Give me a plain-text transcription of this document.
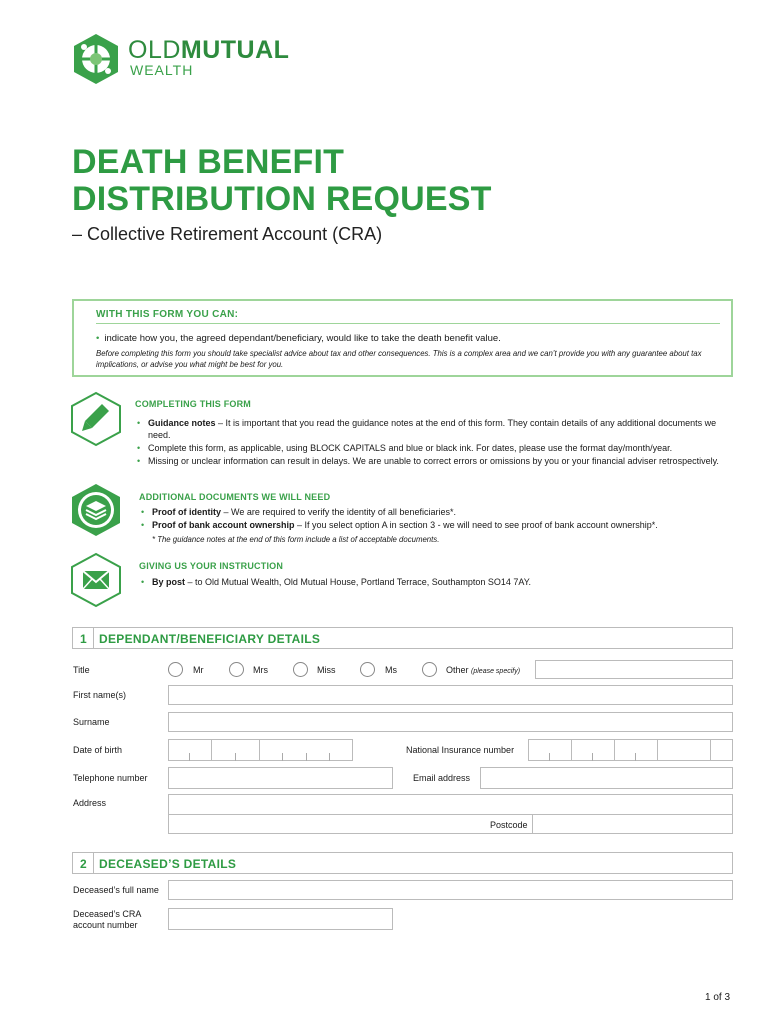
OLDMUTUAL
WEALTH
DEATH BENEFIT
DISTRIBUTION REQUEST
– Collective Retirement Account (CRA)
WITH THIS FORM YOU CAN:
• indicate how you, the agreed dependant/beneficiary, would like to take the death benefit value.
Before completing this form you should take specialist advice about tax and other consequences. This is a complex area and we can’t provide you with any guarantee about tax implications, or advise you what might be best for you.
COMPLETING THIS FORM
• Guidance notes – It is important that you read the guidance notes at the end of this form. They contain details of any additional documents we need.
• Complete this form, as applicable, using BLOCK CAPITALS and blue or black ink. For dates, please use the format day/month/year.
• Missing or unclear information can result in delays. We are unable to correct errors or omissions by you or your financial adviser retrospectively.
ADDITIONAL DOCUMENTS WE WILL NEED
• Proof of identity – We are required to verify the identity of all beneficiaries*.
• Proof of bank account ownership – If you select option A in section 3 - we will need to see proof of bank account ownership*.
* The guidance notes at the end of this form include a list of acceptable documents.
GIVING US YOUR INSTRUCTION
• By post – to Old Mutual Wealth, Old Mutual House, Portland Terrace, Southampton SO14 7AY.
1 DEPENDANT/BENEFICIARY DETAILS
Title	Mr	Mrs	Miss	Ms	Other (please specify)
First name(s)
Surname
Date of birth	National Insurance number
Telephone number	Email address
Address
Postcode
2 DECEASED’S DETAILS
Deceased’s full name
Deceased’s CRA
account number
1 of 3
